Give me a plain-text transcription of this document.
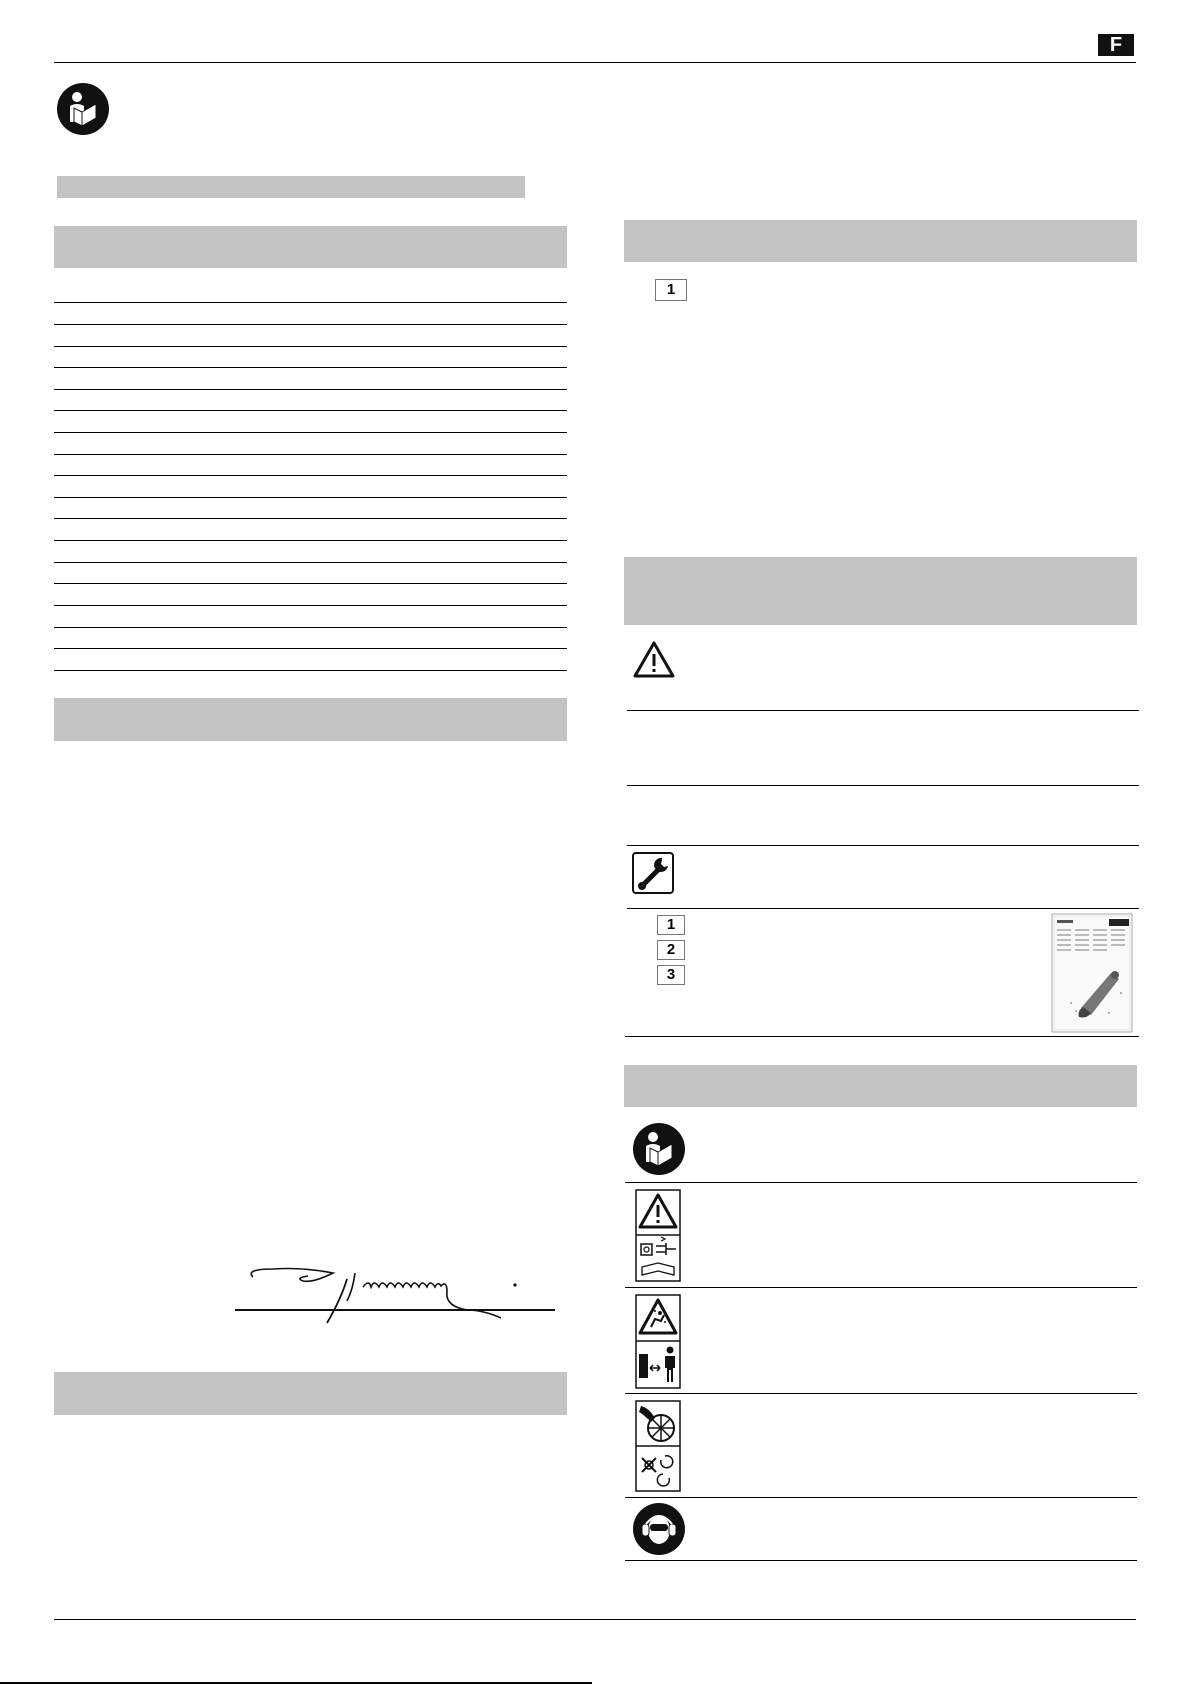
F
1
1
2
3
